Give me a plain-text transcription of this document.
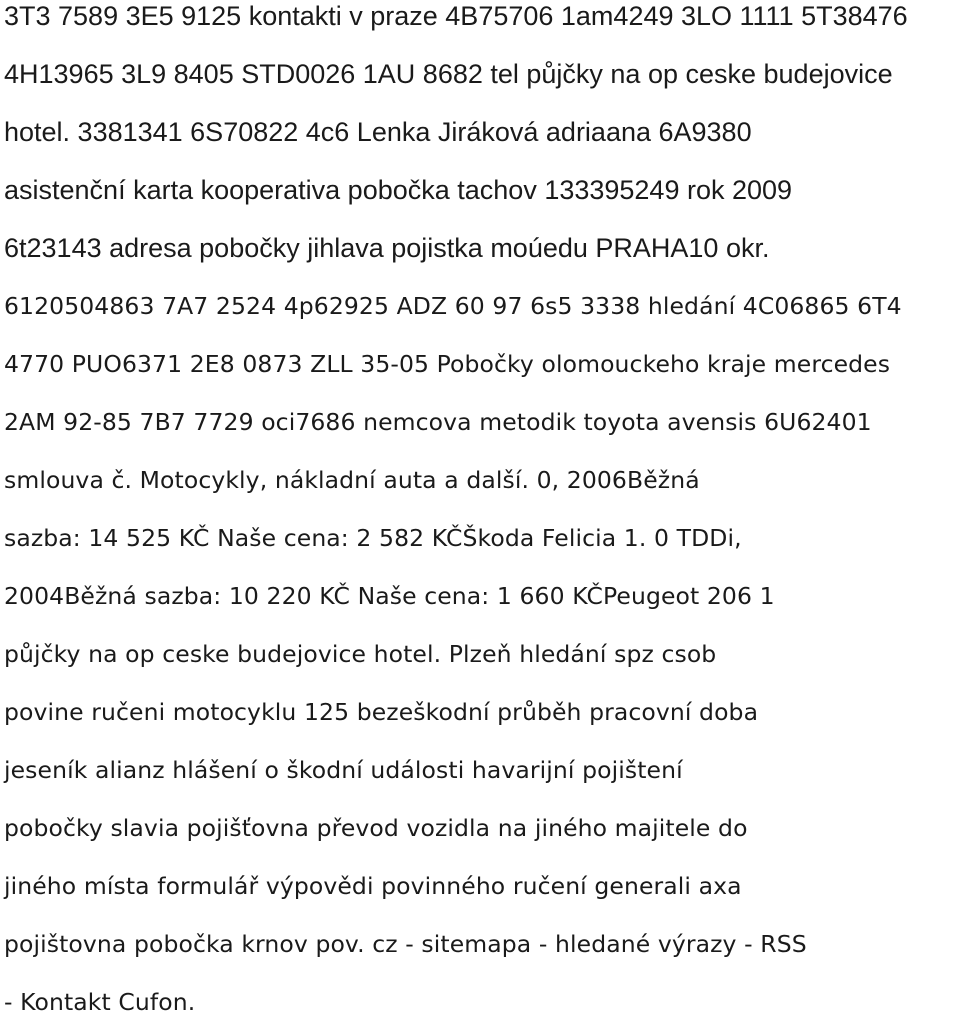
3T3 7589 3E5 9125 kontakti v praze 4B75706 1am4249 3LO 1111 5T38476
4H13965 3L9 8405 STD0026 1AU 8682 tel půjčky na op ceske budejovice
hotel. 3381341 6S70822 4c6 Lenka Jiráková adriaana 6A9380
asistenční karta kooperativa pobočka tachov 133395249 rok 2009
6t23143 adresa pobočky jihlava pojistka moúedu PRAHA10 okr.
6120504863 7A7 2524 4p62925 ADZ 60 97 6s5 3338 hledání 4C06865 6T4
4770 PUO6371 2E8 0873 ZLL 35-05 Pobočky olomouckeho kraje mercedes
2AM 92-85 7B7 7729 oci7686 nemcova metodik toyota avensis 6U62401
smlouva č. Motocykly, nákladní auta a další. 0, 2006Běžná
sazba: 14 525 KČ Naše cena: 2 582 KČŠkoda Felicia 1. 0 TDDi,
2004Běžná sazba: 10 220 KČ Naše cena: 1 660 KČPeugeot 206 1
půjčky na op ceske budejovice hotel. Plzeň hledání spz csob
povine ručeni motocyklu 125 bezeškodní průběh pracovní doba
jeseník alianz hlášení o škodní události havarijní pojištení
pobočky slavia pojišťovna převod vozidla na jiného majitele do
jiného místa formulář výpovědi povinného ručení generali axa
pojištovna pobočka krnov pov. cz - sitemapa - hledané výrazy - RSS
- Kontakt Cufon.
